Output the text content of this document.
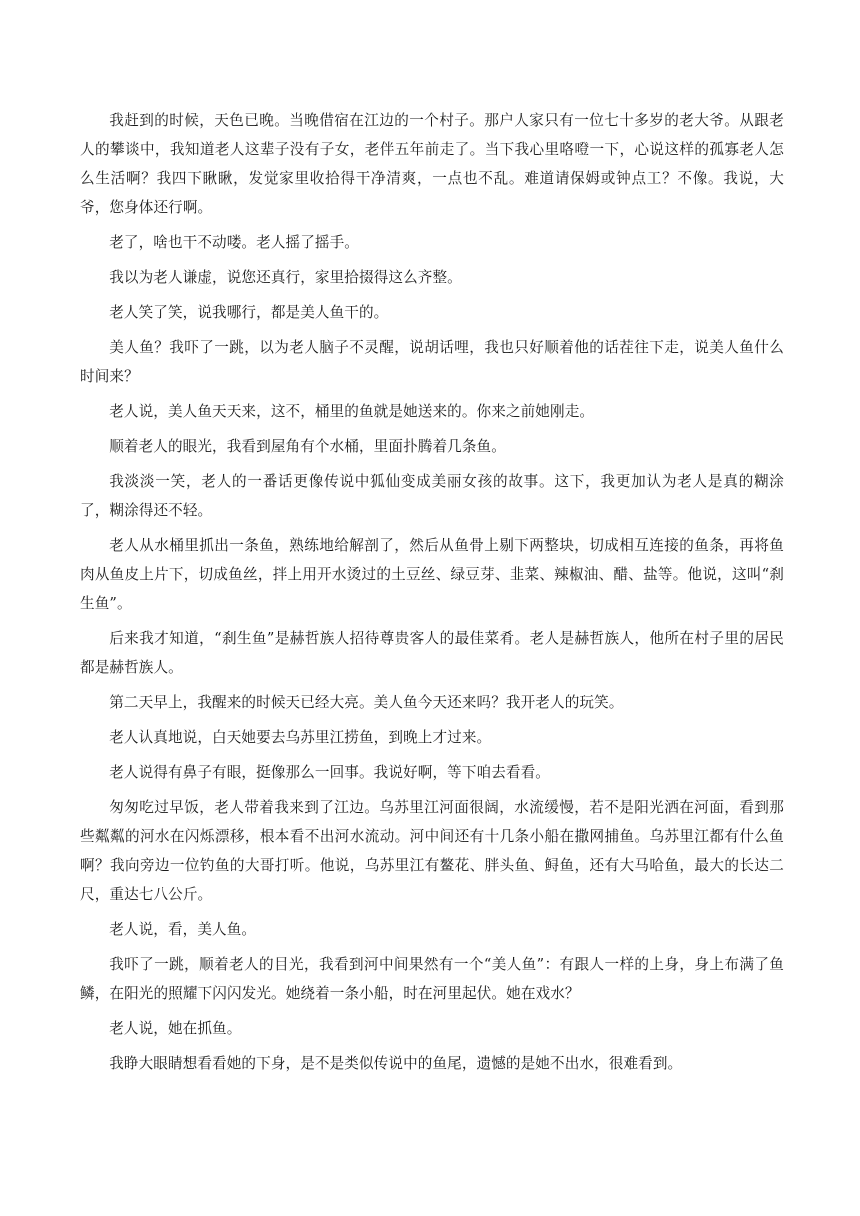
我赶到的时候，天色已晚。当晚借宿在江边的一个村子。那户人家只有一位七十多岁的老大爷。从跟老人的攀谈中，我知道老人这辈子没有子女，老伴五年前走了。当下我心里咯噔一下，心说这样的孤寡老人怎么生活啊？我四下瞅瞅，发觉家里收拾得干净清爽，一点也不乱。难道请保姆或钟点工？不像。我说，大爷，您身体还行啊。

老了，啥也干不动喽。老人摇了摇手。

我以为老人谦虚，说您还真行，家里拾掇得这么齐整。

老人笑了笑，说我哪行，都是美人鱼干的。

美人鱼？我吓了一跳，以为老人脑子不灵醒，说胡话哩，我也只好顺着他的话茬往下走，说美人鱼什么时间来？

老人说，美人鱼天天来，这不，桶里的鱼就是她送来的。你来之前她刚走。

顺着老人的眼光，我看到屋角有个水桶，里面扑腾着几条鱼。

我淡淡一笑，老人的一番话更像传说中狐仙变成美丽女孩的故事。这下，我更加认为老人是真的糊涂了，糊涂得还不轻。

老人从水桶里抓出一条鱼，熟练地给解剖了，然后从鱼骨上剔下两整块，切成相互连接的鱼条，再将鱼肉从鱼皮上片下，切成鱼丝，拌上用开水烫过的土豆丝、绿豆芽、韭菜、辣椒油、醋、盐等。他说，这叫“刹生鱼”。

后来我才知道，“刹生鱼”是赫哲族人招待尊贵客人的最佳菜肴。老人是赫哲族人，他所在村子里的居民都是赫哲族人。

第二天早上，我醒来的时候天已经大亮。美人鱼今天还来吗？我开老人的玩笑。

老人认真地说，白天她要去乌苏里江捞鱼，到晚上才过来。

老人说得有鼻子有眼，挺像那么一回事。我说好啊，等下咱去看看。

匆匆吃过早饭，老人带着我来到了江边。乌苏里江河面很阔，水流缓慢，若不是阳光洒在河面，看到那些粼粼的河水在闪烁漂移，根本看不出河水流动。河中间还有十几条小船在撒网捕鱼。乌苏里江都有什么鱼啊？我向旁边一位钓鱼的大哥打听。他说，乌苏里江有鳌花、胖头鱼、鲟鱼，还有大马哈鱼，最大的长达二尺，重达七八公斤。

老人说，看，美人鱼。

我吓了一跳，顺着老人的目光，我看到河中间果然有一个“美人鱼”：有跟人一样的上身，身上布满了鱼鳞，在阳光的照耀下闪闪发光。她绕着一条小船，时在河里起伏。她在戏水？

老人说，她在抓鱼。

我睁大眼睛想看看她的下身，是不是类似传说中的鱼尾，遗憾的是她不出水，很难看到。
